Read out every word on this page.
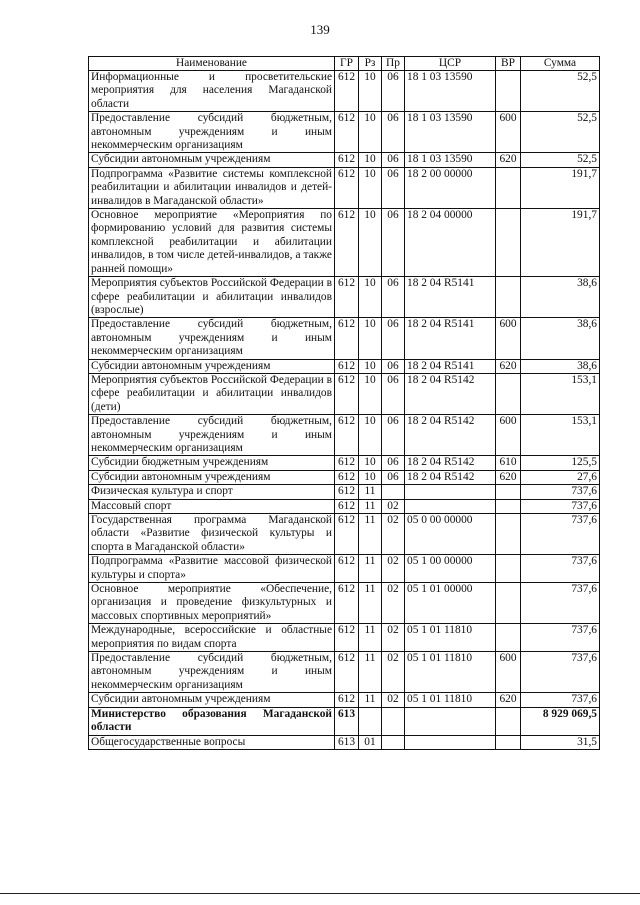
139
Наименование	ГР	Рз	Пр	ЦСР	ВР	Сумма
Информационные и просветительские мероприятия для населения Магаданской области	612	10	06	18 1 03 13590		52,5
Предоставление субсидий бюджетным, автономным учреждениям и иным некоммерческим организациям	612	10	06	18 1 03 13590	600	52,5
Субсидии автономным учреждениям	612	10	06	18 1 03 13590	620	52,5
Подпрограмма «Развитие системы комплексной реабилитации и абилитации инвалидов и детей-инвалидов в Магаданской области»	612	10	06	18 2 00 00000		191,7
Основное мероприятие «Мероприятия по формированию условий для развития системы комплексной реабилитации и абилитации инвалидов, в том числе детей-инвалидов, а также ранней помощи»	612	10	06	18 2 04 00000		191,7
Мероприятия субъектов Российской Федерации в сфере реабилитации и абилитации инвалидов (взрослые)	612	10	06	18 2 04 R5141		38,6
Предоставление субсидий бюджетным, автономным учреждениям и иным некоммерческим организациям	612	10	06	18 2 04 R5141	600	38,6
Субсидии автономным учреждениям	612	10	06	18 2 04 R5141	620	38,6
Мероприятия субъектов Российской Федерации в сфере реабилитации и абилитации инвалидов (дети)	612	10	06	18 2 04 R5142		153,1
Предоставление субсидий бюджетным, автономным учреждениям и иным некоммерческим организациям	612	10	06	18 2 04 R5142	600	153,1
Субсидии бюджетным учреждениям	612	10	06	18 2 04 R5142	610	125,5
Субсидии автономным учреждениям	612	10	06	18 2 04 R5142	620	27,6
Физическая культура и спорт	612	11				737,6
Массовый спорт	612	11	02			737,6
Государственная программа Магаданской области «Развитие физической культуры и спорта в Магаданской области»	612	11	02	05 0 00 00000		737,6
Подпрограмма «Развитие массовой физической культуры и спорта»	612	11	02	05 1 00 00000		737,6
Основное мероприятие «Обеспечение, организация и проведение физкультурных и массовых спортивных мероприятий»	612	11	02	05 1 01 00000		737,6
Международные, всероссийские и областные мероприятия по видам спорта	612	11	02	05 1 01 11810		737,6
Предоставление субсидий бюджетным, автономным учреждениям и иным некоммерческим организациям	612	11	02	05 1 01 11810	600	737,6
Субсидии автономным учреждениям	612	11	02	05 1 01 11810	620	737,6
Министерство образования Магаданской области	613					8 929 069,5
Общегосударственные вопросы	613	01				31,5
